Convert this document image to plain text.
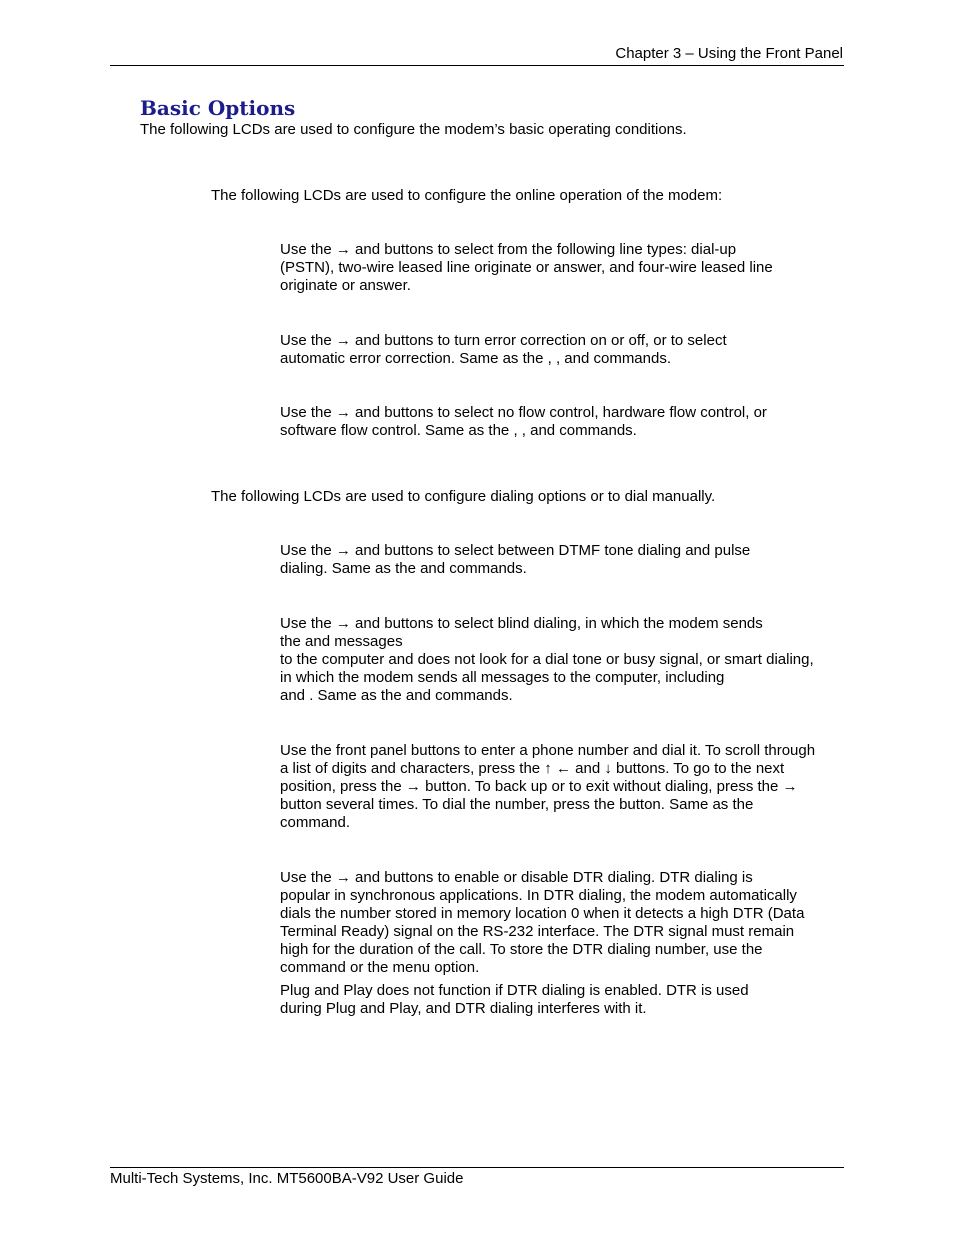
Chapter 3 – Using the Front Panel
Basic Options
The following LCDs are used to configure the modem’s basic operating conditions.
The following LCDs are used to configure the online operation of the modem:
Use the → and buttons to select from the following line types: dial-up
(PSTN), two-wire leased line originate or answer, and four-wire leased line
originate or answer.
Use the → and buttons to turn error correction on or off, or to select
automatic error correction. Same as the , , and commands.
Use the → and buttons to select no flow control, hardware flow control, or
software flow control. Same as the , , and commands.
The following LCDs are used to configure dialing options or to dial manually.
Use the → and buttons to select between DTMF tone dialing and pulse
dialing. Same as the and commands.
Use the → and buttons to select blind dialing, in which the modem sends
the and messages
to the computer and does not look for a dial tone or busy signal, or smart dialing,
in which the modem sends all messages to the computer, including
and . Same as the and commands.
Use the front panel buttons to enter a phone number and dial it. To scroll through
a list of digits and characters, press the ↑ ← and ↓ buttons. To go to the next
position, press the → button. To back up or to exit without dialing, press the →
button several times. To dial the number, press the button. Same as the
command.
Use the → and buttons to enable or disable DTR dialing. DTR dialing is
popular in synchronous applications. In DTR dialing, the modem automatically
dials the number stored in memory location 0 when it detects a high DTR (Data
Terminal Ready) signal on the RS-232 interface. The DTR signal must remain
high for the duration of the call. To store the DTR dialing number, use the
command or the menu option.
Plug and Play does not function if DTR dialing is enabled. DTR is used
during Plug and Play, and DTR dialing interferes with it.
Multi-Tech Systems, Inc. MT5600BA-V92 User Guide
